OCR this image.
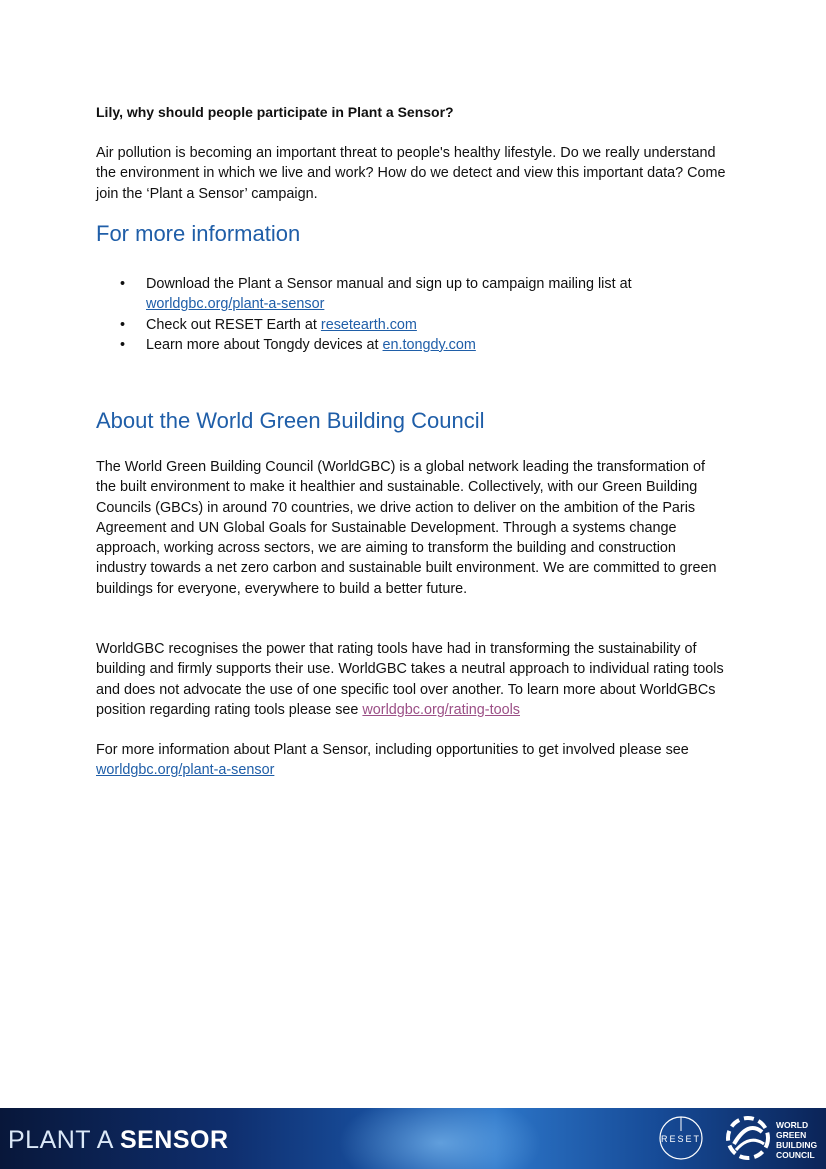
Lily, why should people participate in Plant a Sensor?

Air pollution is becoming an important threat to people's healthy lifestyle. Do we really understand the environment in which we live and work? How do we detect and view this important data? Come join the ‘Plant a Sensor’ campaign.

For more information
• Download the Plant a Sensor manual and sign up to campaign mailing list at
worldgbc.org/plant-a-sensor
• Check out RESET Earth at resetearth.com
• Learn more about Tongdy devices at en.tongdy.com
About the World Green Building Council

The World Green Building Council (WorldGBC) is a global network leading the transformation of the built environment to make it healthier and sustainable. Collectively, with our Green Building Councils (GBCs) in around 70 countries, we drive action to deliver on the ambition of the Paris Agreement and UN Global Goals for Sustainable Development. Through a systems change approach, working across sectors, we are aiming to transform the building and construction industry towards a net zero carbon and sustainable built environment. We are committed to green buildings for everyone, everywhere to build a better future.

WorldGBC recognises the power that rating tools have had in transforming the sustainability of building and firmly supports their use. WorldGBC takes a neutral approach to individual rating tools and does not advocate the use of one specific tool over another. To learn more about WorldGBCs position regarding rating tools please see worldgbc.org/rating-tools

For more information about Plant a Sensor, including opportunities to get involved please see worldgbc.org/plant-a-sensor

PLANT A SENSOR	RESET
WORLD
GREEN
BUILDING
COUNCIL
